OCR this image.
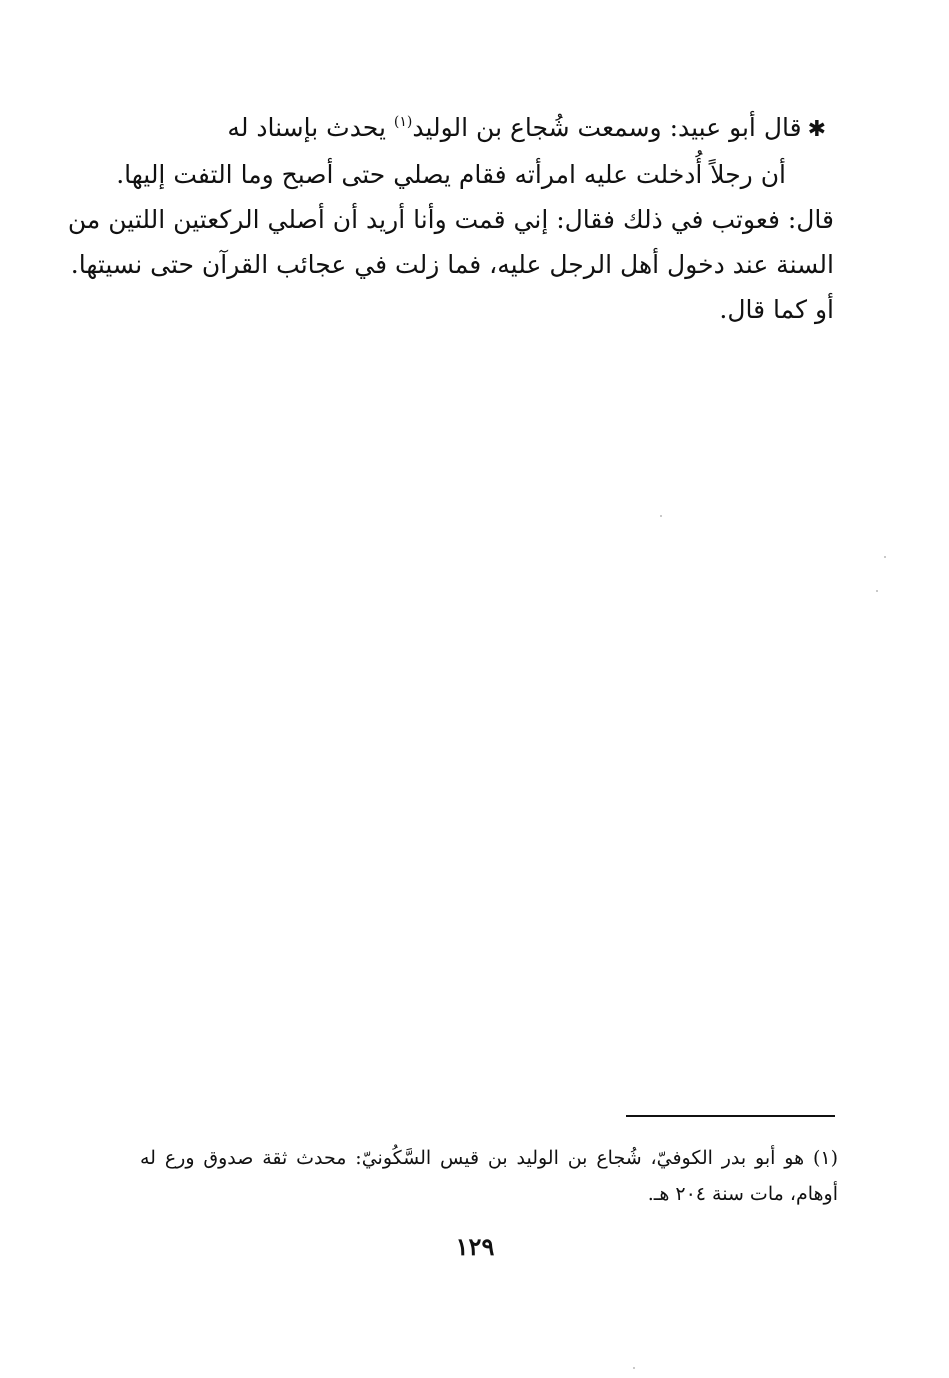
✱قال أبو عبيد: وسمعت شُجاع بن الوليد$^{(١)}$ يحدث بإسناد له
أن رجلاً أُدخلت عليه امرأته فقام يصلي حتى أصبح وما التفت إليها.
قال: فعوتب في ذلك فقال: إني قمت وأنا أريد أن أصلي الركعتين اللتين من
السنة عند دخول أهل الرجل عليه، فما زلت في عجائب القرآن حتى نسيتها.
أو كما قال.
(١) هو أبو بدر الكوفيّ، شُجاع بن الوليد بن قيس السَّكُونيّ: محدث ثقة صدوق ورع له
أوهام، مات سنة ٢٠٤ هـ.
١٢٩
